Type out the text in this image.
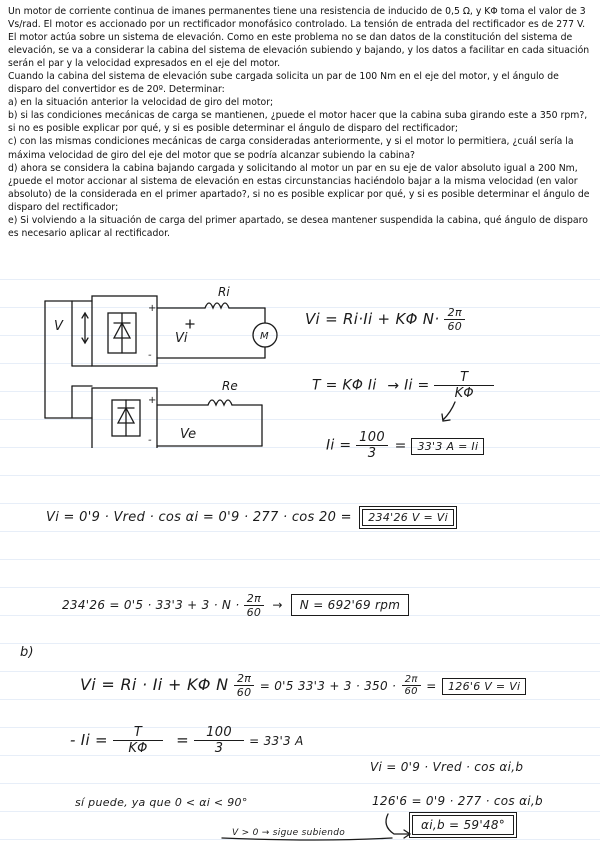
Un motor de corriente continua de imanes permanentes tiene una resistencia de inducido de 0,5 Ω, y KΦ toma el valor de 3 Vs/rad. El motor es accionado por un rectificador monofásico controlado. La tensión de entrada del rectificador es de 277 V. El motor actúa sobre un sistema de elevación. Como en este problema no se dan datos de la constitución del sistema de elevación, se va a considerar la cabina del sistema de elevación subiendo y bajando, y los datos a facilitar en cada situación serán el par y la velocidad expresados en el eje del motor.

Cuando la cabina del sistema de elevación sube cargada solicita un par de 100 Nm en el eje del motor, y el ángulo de disparo del convertidor es de 20º. Determinar:

a) en la situación anterior la velocidad de giro del motor;

b) si las condiciones mecánicas de carga se mantienen, ¿puede el motor hacer que la cabina suba girando este a 350 rpm?, si no es posible explicar por qué, y si es posible determinar el ángulo de disparo del rectificador;

c) con las mismas condiciones mecánicas de carga consideradas anteriormente, y si el motor lo permitiera, ¿cuál sería la máxima velocidad de giro del eje del motor que se podría alcanzar subiendo la cabina?

d) ahora se considera la cabina bajando cargada y solicitando al motor un par en su eje de valor absoluto igual a 200 Nm, ¿puede el motor accionar al sistema de elevación en estas circunstancias haciéndolo bajar a la misma velocidad (en valor absoluto) de la considerada en el primer apartado?, si no es posible explicar por qué, y si es posible determinar el ángulo de disparo del rectificador;

e) Si volviendo a la situación de carga del primer apartado, se desea mantener suspendida la cabina, qué ángulo de disparo es necesario aplicar al rectificador.

V
+
-
Vi
Ri
M
+
- Ve
Re
Vi = Ri·Ii + KΦ $N\cdot \frac{2\pi}{60}$
T = KΦ $Ii \to Ii = \frac{T}{K\Phi}$
$Ii = \frac{100}{3} = 33'3$ A = Ii
Vi = 0'9 · Vred · cos αi = 0'9 · 277 · cos 20 = 234'26 V = Vi
$234'26 = 0'5 \cdot 33'3 + 3 \cdot N \cdot \frac{2\pi}{60} \to N = 692'69$ rpm
b)
Vi = Ri · Ii + KΦ N $\frac{2\pi}{60} = 0'5$ $33'3 + 3 \cdot 350 \cdot \frac{2\pi}{60} = 126'6$ V = Vi
- $Ii = \frac{T}{K\Phi} = \frac{100}{3} = 33'3$ A
Vi = 0'9 · Vred · cos αi,b
sí puede, ya que 0 < αi < 90°	126'6 = 0'9 · 277 · cos αi,b
V > 0 → sigue subiendo
αi,b = 59'48°
